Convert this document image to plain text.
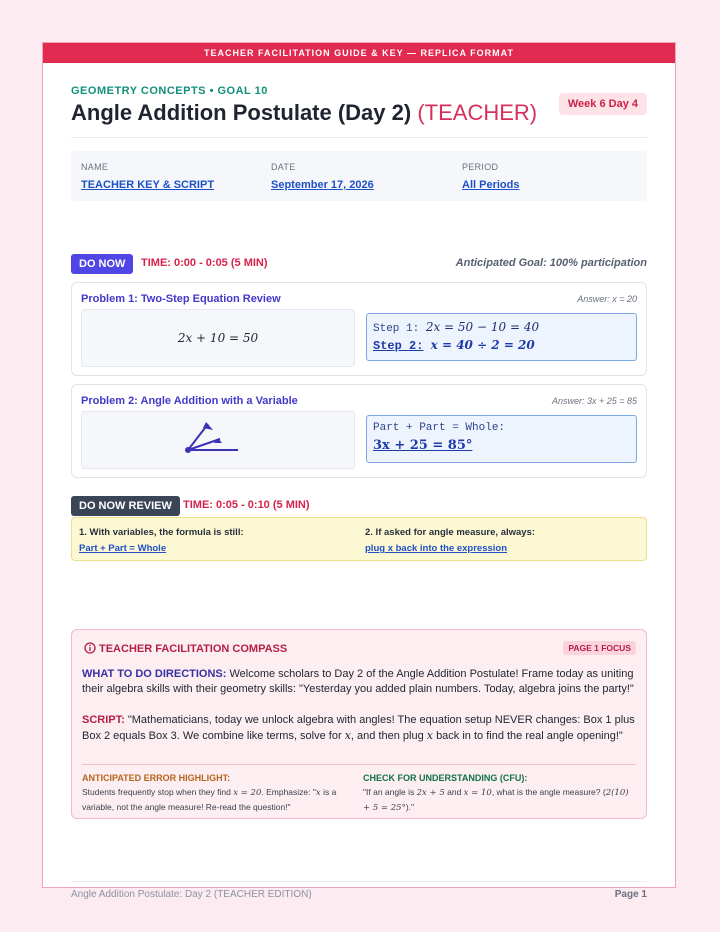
TEACHER FACILITATION GUIDE & KEY — REPLICA FORMAT
GEOMETRY CONCEPTS • GOAL 10
Angle Addition Postulate (Day 2) (TEACHER)	Week 6 Day 4
NAME
TEACHER KEY & SCRIPT
DATE
September 17, 2026
PERIOD
All Periods
DO NOW	TIME: 0:00 - 0:05 (5 MIN)	Anticipated Goal: 100% participation
Problem 1: Two-Step Equation Review	Answer: x = 20
2x + 10 = 50
Step 1: 2x = 50 − 10 = 40
Step 2: x = 40 ÷ 2 = 20
Problem 2: Angle Addition with a Variable	Answer: 3x + 25 = 85
Part + Part = Whole:
3x + 25 = 85°
DO NOW REVIEW	TIME: 0:05 - 0:10 (5 MIN)
1. With variables, the formula is still:
Part + Part = Whole
2. If asked for angle measure, always:
plug x back into the expression
TEACHER FACILITATION COMPASS	PAGE 1 FOCUS
WHAT TO DO DIRECTIONS: Welcome scholars to Day 2 of the Angle Addition Postulate! Frame today as uniting their algebra skills with their geometry skills: "Yesterday you added plain numbers. Today, algebra joins the party!"
SCRIPT: "Mathematicians, today we unlock algebra with angles! The equation setup NEVER changes: Box 1 plus Box 2 equals Box 3. We combine like terms, solve for x, and then plug x back in to find the real angle opening!"
ANTICIPATED ERROR HIGHLIGHT:
Students frequently stop when they find x = 20. Emphasize: "x is a variable, not the angle measure! Re-read the question!"
CHECK FOR UNDERSTANDING (CFU):
"If an angle is 2x + 5 and x = 10, what is the angle measure? (2(10) + 5 = 25°)."
Angle Addition Postulate: Day 2 (TEACHER EDITION)	Page 1
